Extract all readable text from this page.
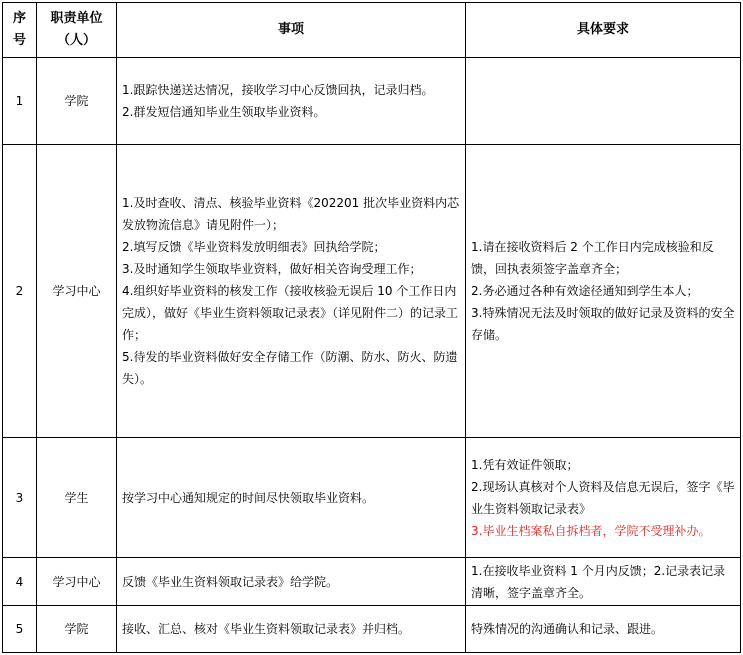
序号	职责单位（人）	事项	具体要求
1	学院	1.跟踪快递送达情况，接收学习中心反馈回执，记录归档。
2.群发短信通知毕业生领取毕业资料。	

2	学习中心	1.及时查收、清点、核验毕业资料《202201 批次毕业资料内芯发放物流信息》请见附件一）；
2.填写反馈《毕业资料发放明细表》回执给学院；
3.及时通知学生领取毕业资料，做好相关咨询受理工作；
4.组织好毕业资料的核发工作（接收核验无误后 10 个工作日内完成），做好《毕业生资料领取记录表》（详见附件二）的记录工作；
5.待发的毕业资料做好安全存储工作（防潮、防水、防火、防遗失）。	1.请在接收资料后 2 个工作日内完成核验和反馈，回执表须签字盖章齐全；
2.务必通过各种有效途径通知到学生本人；
3.特殊情况无法及时领取的做好记录及资料的安全存储。

3	学生	按学习中心通知规定的时间尽快领取毕业资料。	1.凭有效证件领取；
2.现场认真核对个人资料及信息无误后，签字《毕业生资料领取记录表》
3.毕业生档案私自拆档者，学院不受理补办。

4	学习中心	反馈《毕业生资料领取记录表》给学院。	1.在接收毕业资料 1 个月内反馈；2.记录表记录清晰，签字盖章齐全。

5	学院	接收、汇总、核对《毕业生资料领取记录表》并归档。	特殊情况的沟通确认和记录、跟进。
